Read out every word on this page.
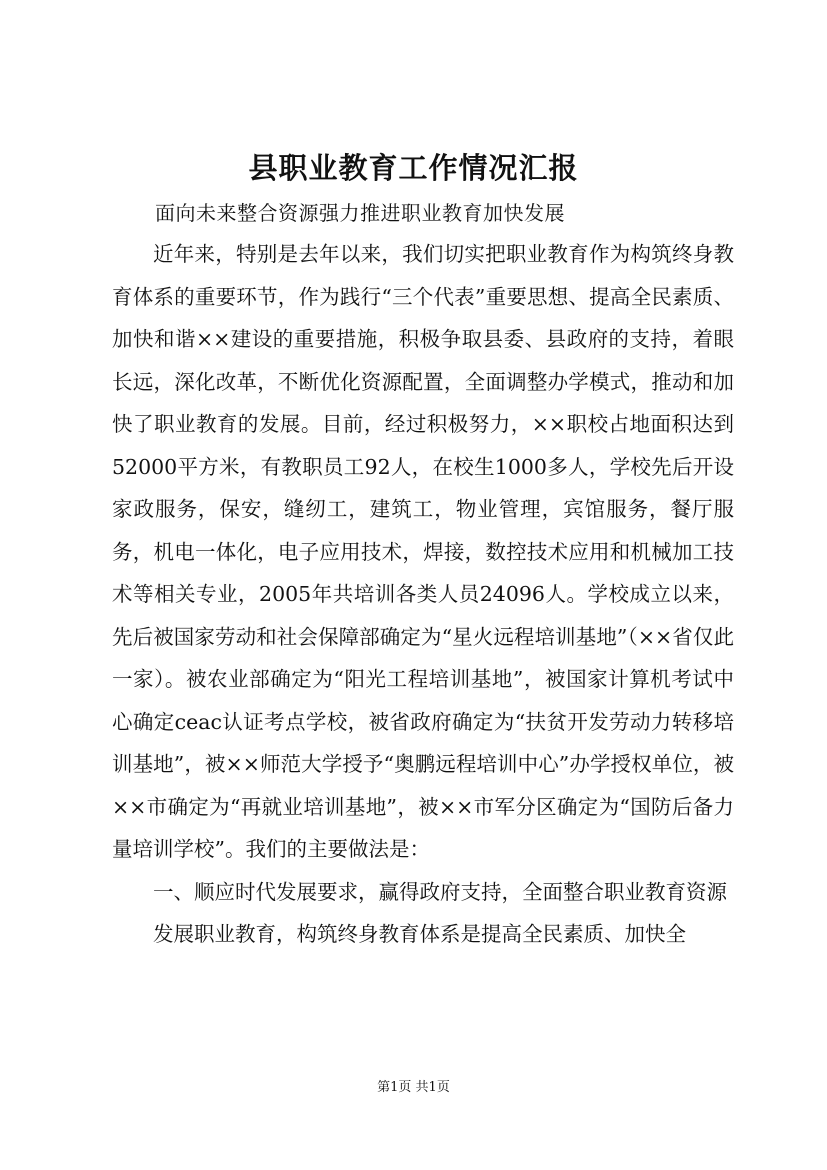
县职业教育工作情况汇报
面向未来整合资源强力推进职业教育加快发展

近年来，特别是去年以来，我们切实把职业教育作为构筑终身教育体系的重要环节，作为践行“三个代表”重要思想、提高全民素质、加快和谐××建设的重要措施，积极争取县委、县政府的支持，着眼长远，深化改革，不断优化资源配置，全面调整办学模式，推动和加快了职业教育的发展。目前，经过积极努力，××职校占地面积达到52000平方米，有教职员工92人，在校生1000多人，学校先后开设家政服务，保安，缝纫工，建筑工，物业管理，宾馆服务，餐厅服务，机电一体化，电子应用技术，焊接，数控技术应用和机械加工技术等相关专业，2005年共培训各类人员24096人。学校成立以来，先后被国家劳动和社会保障部确定为“星火远程培训基地”（××省仅此一家）。被农业部确定为“阳光工程培训基地”，被国家计算机考试中心确定ceac认证考点学校，被省政府确定为“扶贫开发劳动力转移培训基地”，被××师范大学授予“奥鹏远程培训中心”办学授权单位，被××市确定为“再就业培训基地”，被××市军分区确定为“国防后备力量培训学校”。我们的主要做法是：

一、顺应时代发展要求，赢得政府支持，全面整合职业教育资源

发展职业教育，构筑终身教育体系是提高全民素质、加快全

第1页 共1页
